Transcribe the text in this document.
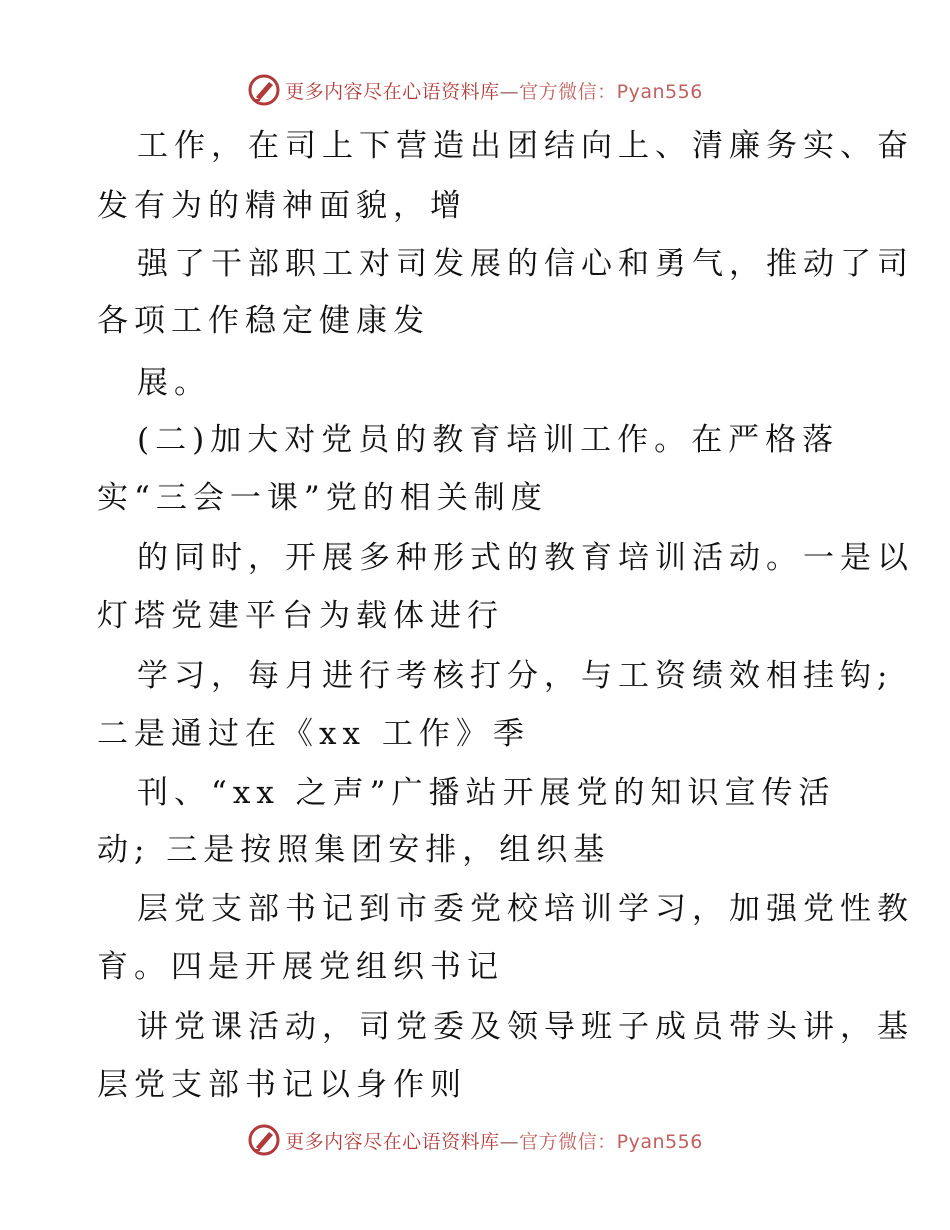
更多内容尽在心语资料库—官方微信：Pyan556
工作，在司上下营造出团结向上、清廉务实、奋
发有为的精神面貌，增
强了干部职工对司发展的信心和勇气，推动了司
各项工作稳定健康发
展。
(二)加大对党员的教育培训工作。在严格落
实“三会一课”党的相关制度
的同时，开展多种形式的教育培训活动。一是以
灯塔党建平台为载体进行
学习，每月进行考核打分，与工资绩效相挂钩;
二是通过在《xx 工作》季
刊、“xx 之声”广播站开展党的知识宣传活
动; 三是按照集团安排，组织基
层党支部书记到市委党校培训学习，加强党性教
育。四是开展党组织书记
讲党课活动，司党委及领导班子成员带头讲，基
层党支部书记以身作则
更多内容尽在心语资料库—官方微信：Pyan556
